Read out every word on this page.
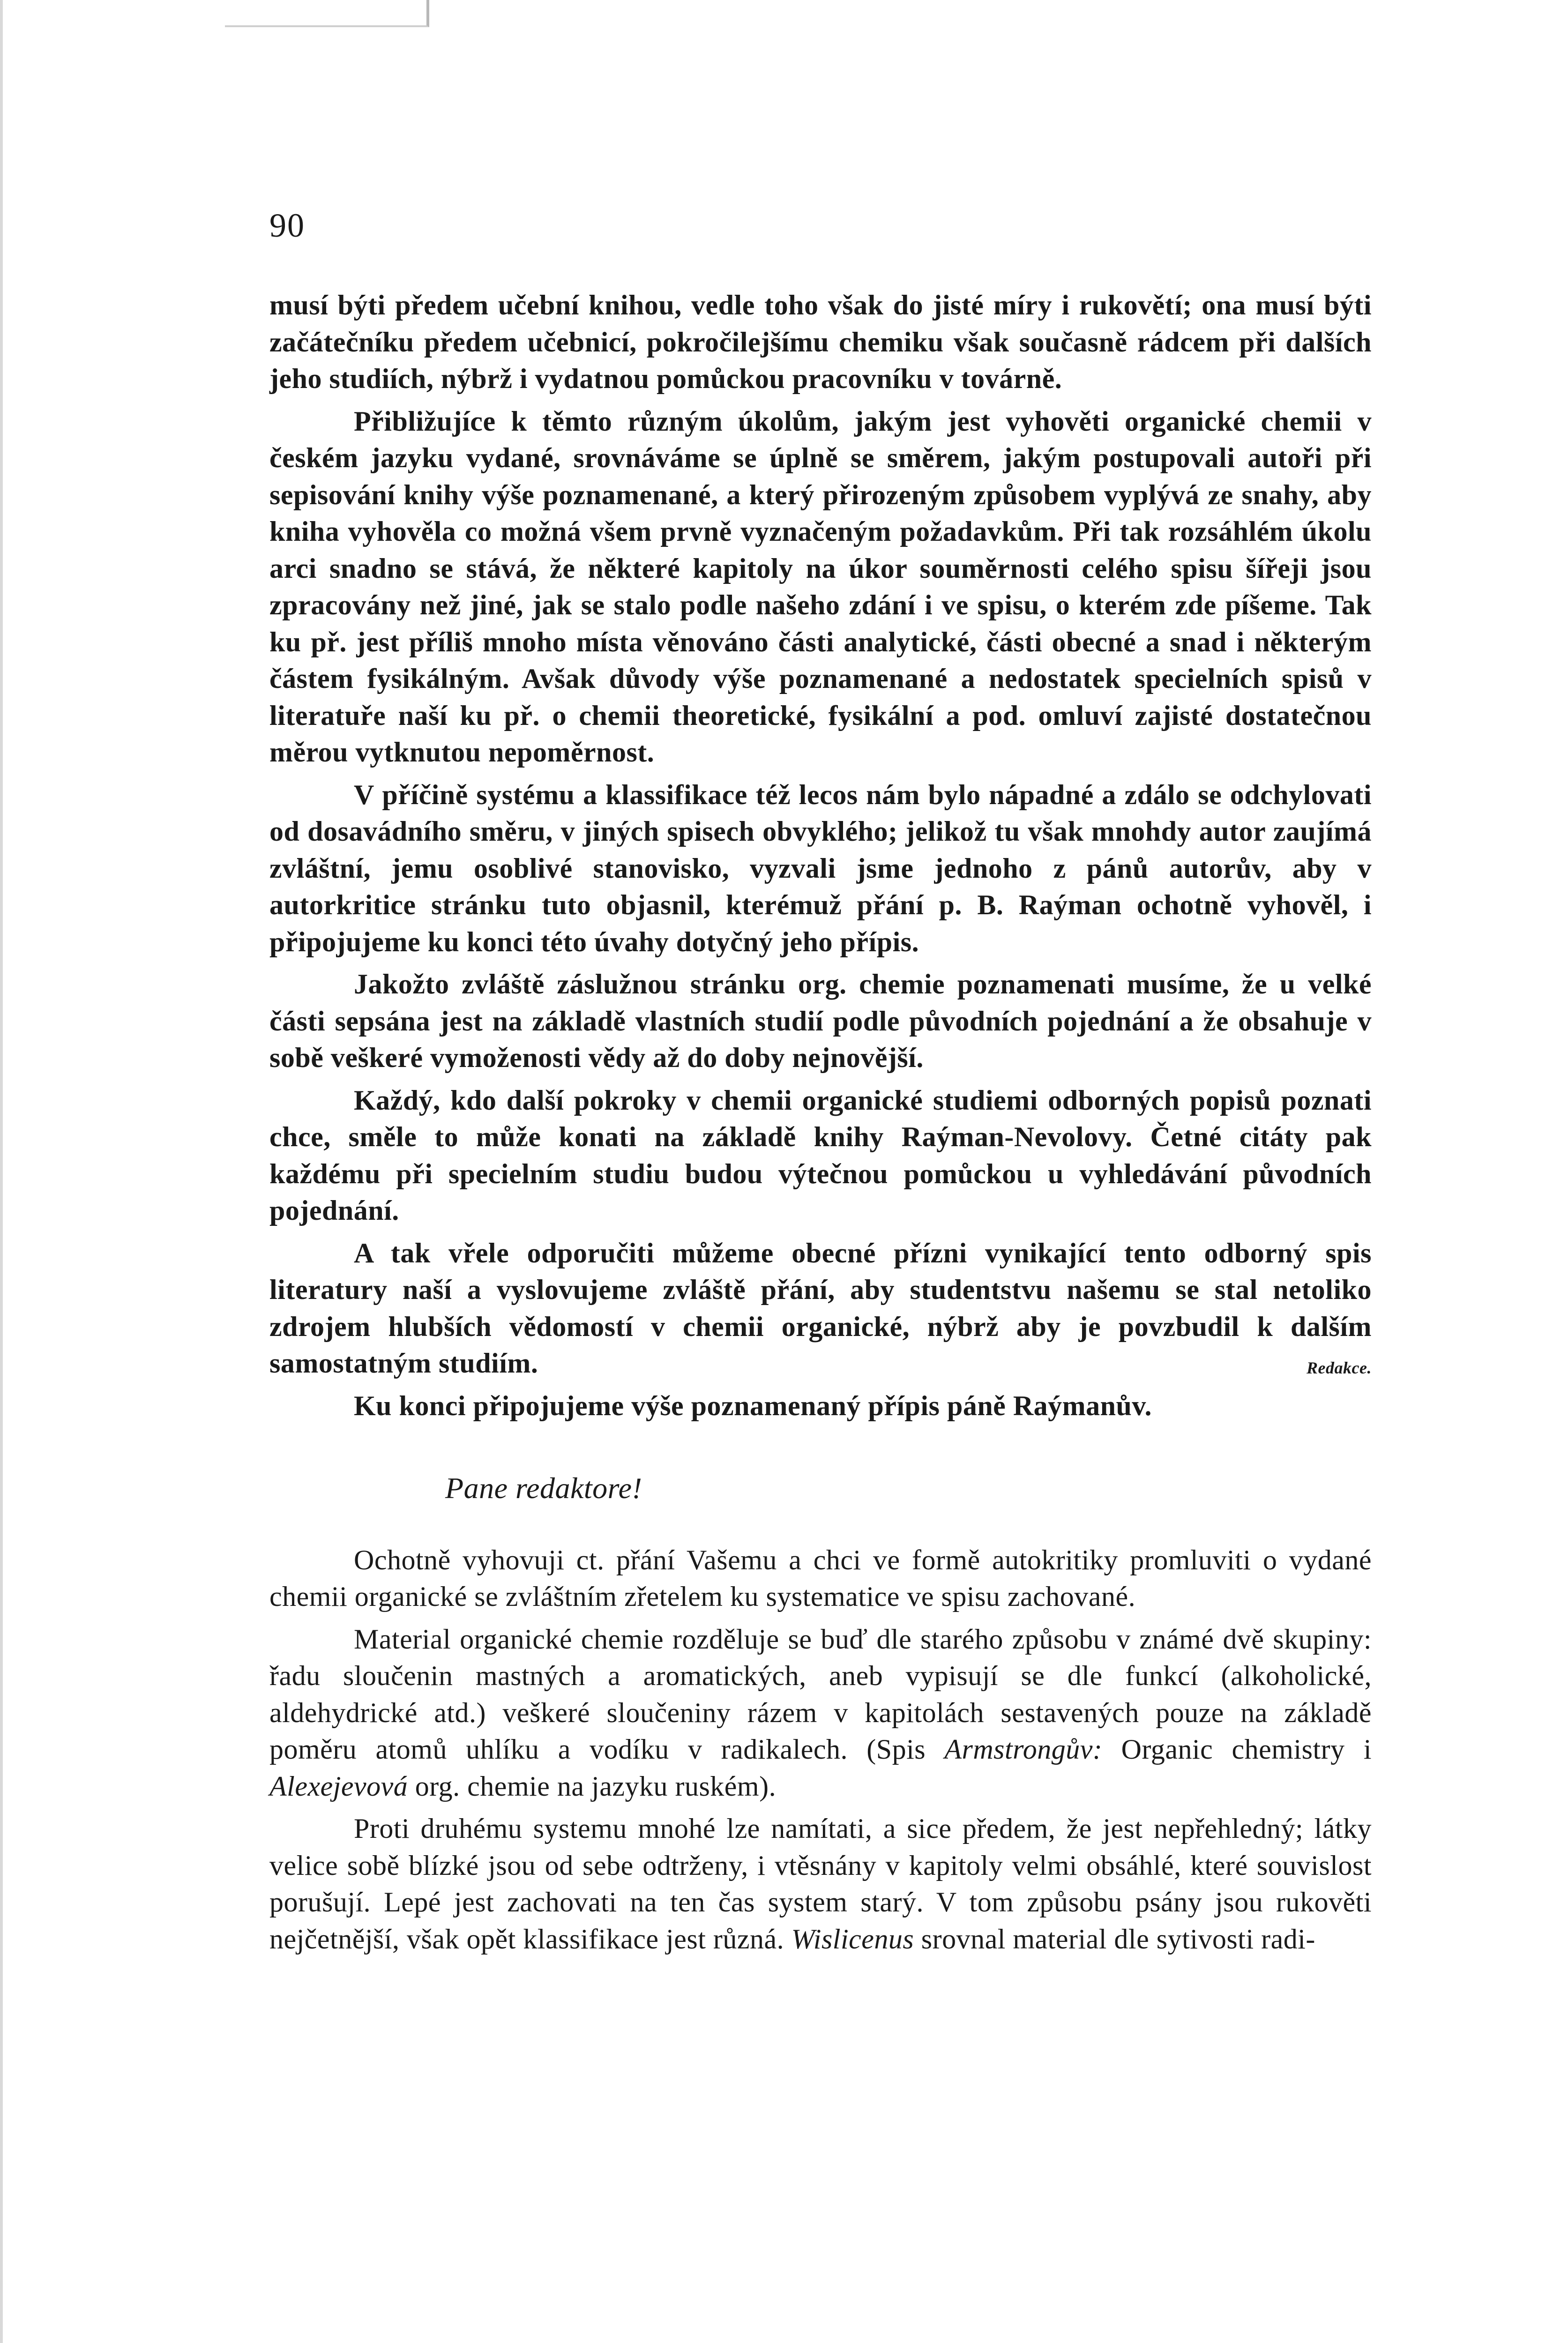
90

musí býti předem učební knihou, vedle toho však do jisté míry i rukovětí; ona musí býti začátečníku předem učebnicí, pokročilejšímu chemiku však současně rádcem při dalších jeho studiích, nýbrž i vydatnou pomůckou pracovníku v továrně.

Přibližujíce k těmto různým úkolům, jakým jest vyhověti organické chemii v českém jazyku vydané, srovnáváme se úplně se směrem, jakým postupovali autoři při sepisování knihy výše poznamenané, a který přirozeným způsobem vyplývá ze snahy, aby kniha vyhověla co možná všem prvně vyznačeným požadavkům. Při tak rozsáhlém úkolu arci snadno se stává, že některé kapitoly na úkor souměrnosti celého spisu šířeji jsou zpracovány než jiné, jak se stalo podle našeho zdání i ve spisu, o kterém zde píšeme. Tak ku př. jest příliš mnoho místa věnováno části analytické, části obecné a snad i některým částem fysikálným. Avšak důvody výše poznamenané a nedostatek specielních spisů v literatuře naší ku př. o chemii theoretické, fysikální a pod. omluví zajisté dostatečnou měrou vytknutou nepoměrnost.

V příčině systému a klassifikace též lecos nám bylo nápadné a zdálo se odchylovati od dosavádního směru, v jiných spisech obvyklého; jelikož tu však mnohdy autor zaujímá zvláštní, jemu osoblivé stanovisko, vyzvali jsme jednoho z pánů autorův, aby v autorkritice stránku tuto objasnil, kterémuž přání p. B. Raýman ochotně vyhověl, i připojujeme ku konci této úvahy dotyčný jeho přípis.

Jakožto zvláště záslužnou stránku org. chemie poznamenati musíme, že u velké části sepsána jest na základě vlastních studií podle původních pojednání a že obsahuje v sobě veškeré vymoženosti vědy až do doby nejnovější.

Každý, kdo další pokroky v chemii organické studiemi odborných popisů poznati chce, směle to může konati na základě knihy Raýman-Nevolovy. Četné citáty pak každému při specielním studiu budou výtečnou pomůckou u vyhledávání původních pojednání.

A tak vřele odporučiti můžeme obecné přízni vynikající tento odborný spis literatury naší a vyslovujeme zvláště přání, aby studentstvu našemu se stal netoliko zdrojem hlubších vědomostí v chemii organické, nýbrž aby je povzbudil k dalším samostatným studiím.	Redakce.

Ku konci připojujeme výše poznamenaný přípis páně Raýmanův.

Pane redaktore!

Ochotně vyhovuji ct. přání Vašemu a chci ve formě autokritiky promluviti o vydané chemii organické se zvláštním zřetelem ku systematice ve spisu zachované.

Material organické chemie rozděluje se buď dle starého způsobu v známé dvě skupiny: řadu sloučenin mastných a aromatických, aneb vypisují se dle funkcí (alkoholické, aldehydrické atd.) veškeré sloučeniny rázem v kapitolách sestavených pouze na základě poměru atomů uhlíku a vodíku v radikalech. (Spis Armstrongův: Organic chemistry i Alexejevová org. chemie na jazyku ruském).

Proti druhému systemu mnohé lze namítati, a sice předem, že jest nepřehledný; látky velice sobě blízké jsou od sebe odtrženy, i vtěsnány v kapitoly velmi obsáhlé, které souvislost porušují. Lepé jest zachovati na ten čas system starý. V tom způsobu psány jsou rukověti nejčetnější, však opět klassifikace jest různá. Wislicenus srovnal material dle sytivosti radi-
